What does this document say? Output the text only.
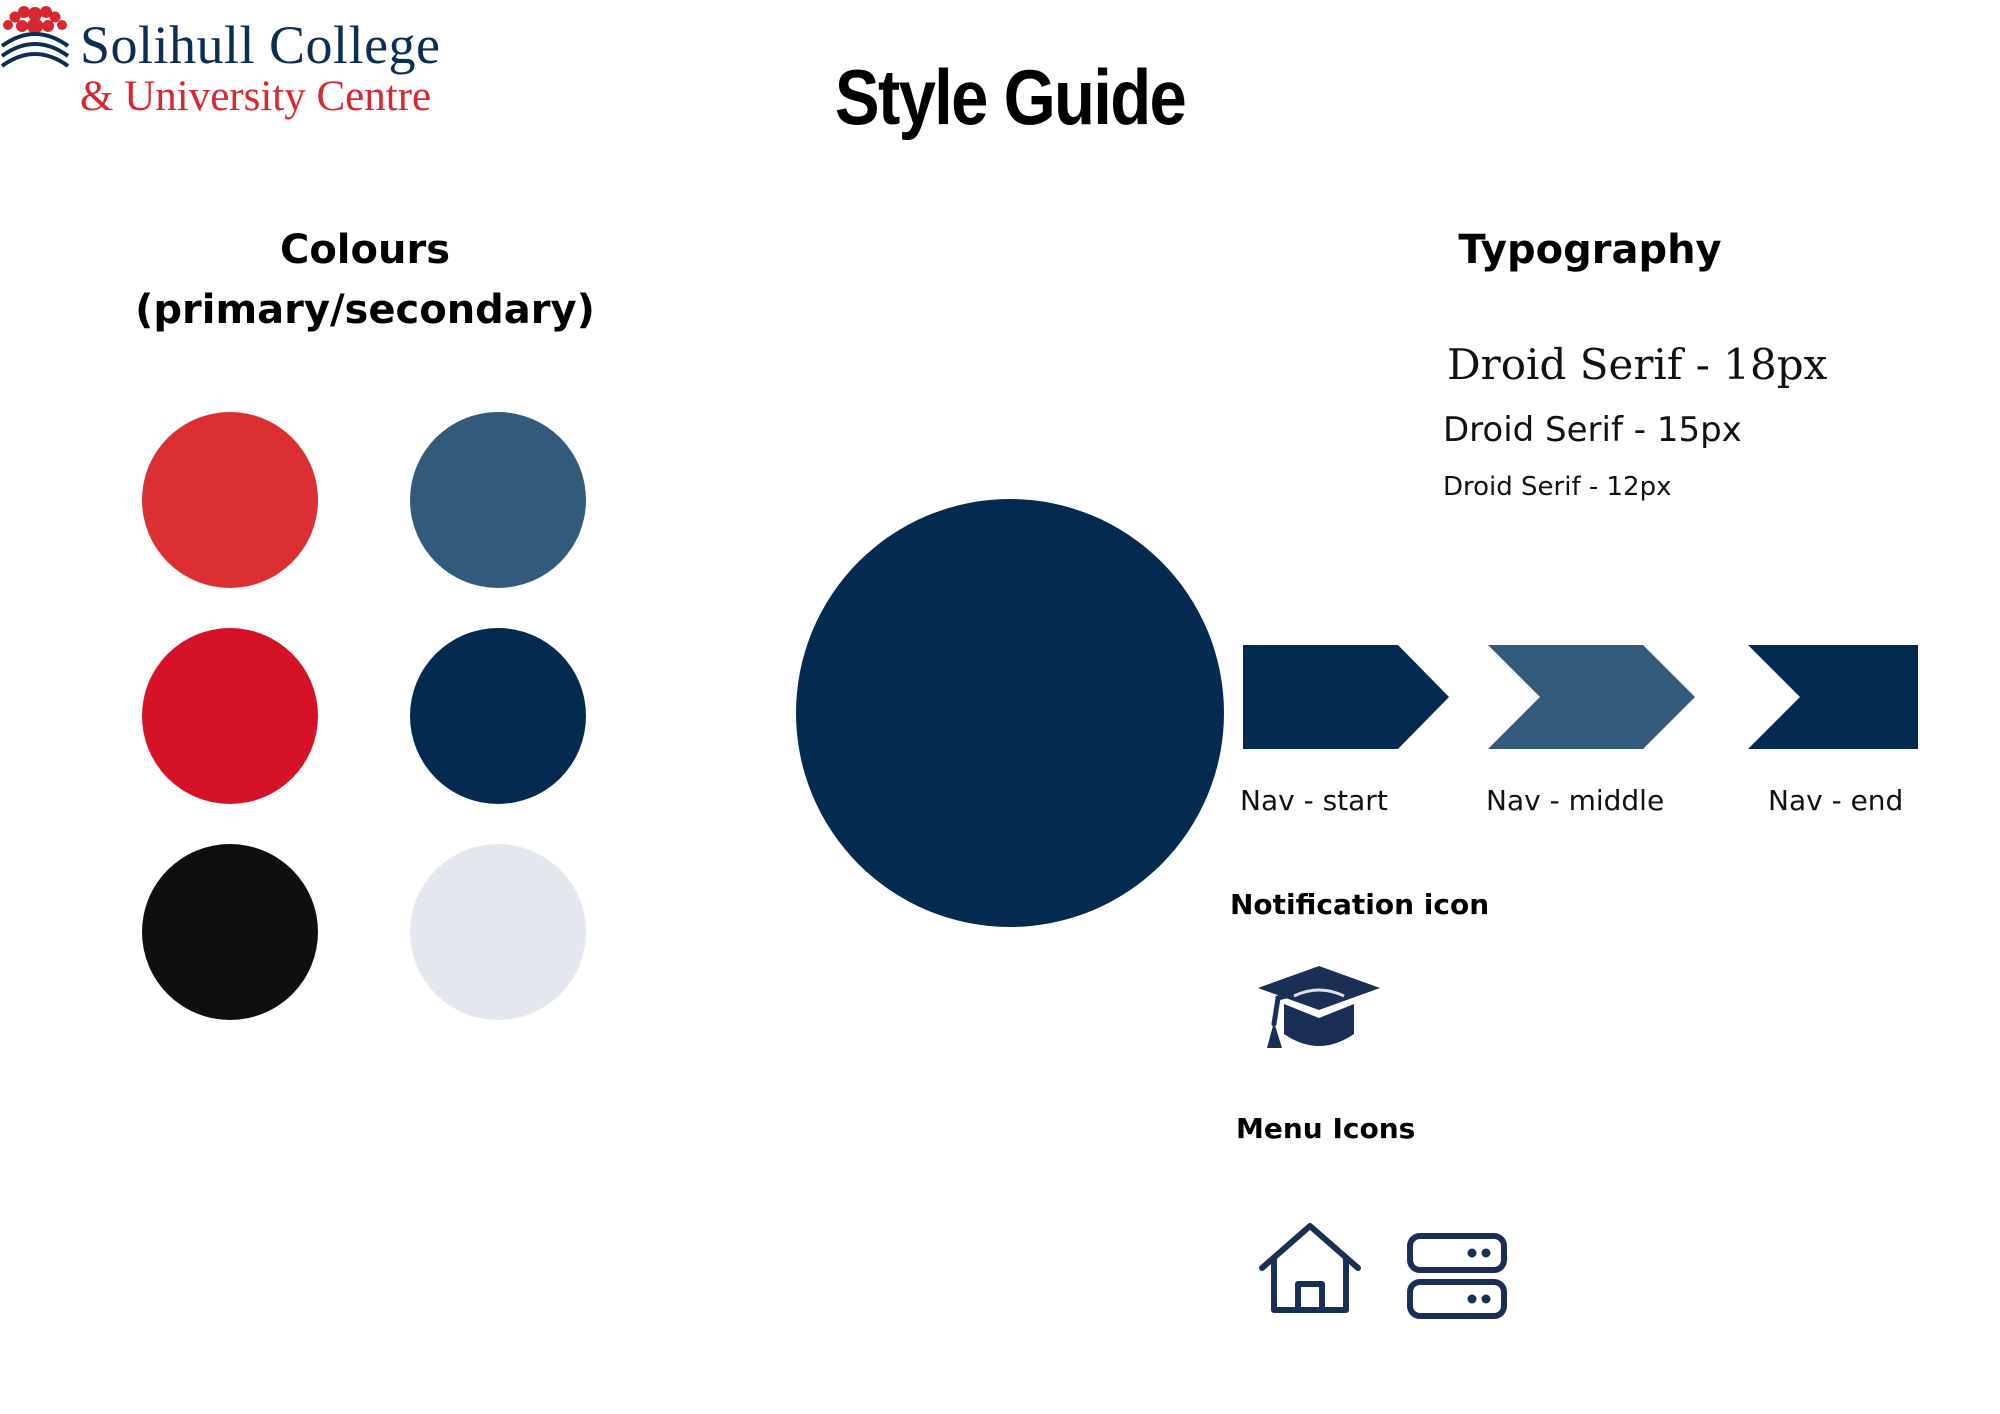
Solihull College
& University Centre	Style Guide
Colours
(primary/secondary)
Typography
Droid Serif - 18px
Droid Serif - 15px
Droid Serif - 12px
Nav - start	Nav - middle	Nav - end
Notification icon
Menu Icons
